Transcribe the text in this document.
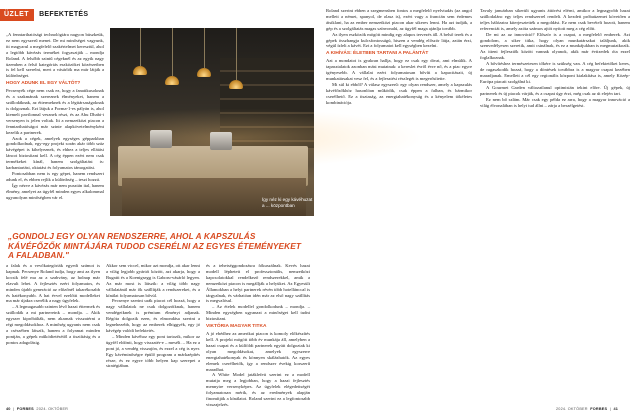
ÜZLET	BEFEKTETÉS

„A fenntarthatósági technológiára nagyon büszkeük, ez nem egyszerű menet. De mi minőséget vagyunk, itt magyarul a megfelelő szakértelmet keresztül, ahol a legtöbb kávézás terméket fogyasztják – mondja Roland. A felsőbb szintű cégeknél és az egyik nagy üzemben a felső kategóriás eszközöket közérzetben is fel kell szerelni, mert a vásárlók ma már látják a különbséget.

HOGY ADUNK EL EGY VÁLTÓT?

Pecsenyék cége nem csak ez, hogy a fanatikusoknak és a szakmának szereznek élményeket, hanem a szállodáknak, az éttermeknek és a légitársaságoknak is dolgoznak. Ezt látjuk a Forma-1-es pályán is, ahol kiemelt pavilonnal vesznek részt, és az Abu Dhabi-i versenyen is jelen voltak. Itt a nemzetközi piacon a fenntarthatóságot már szinte alapkövetelményként kezelik a partnerek.

Azok a cégek, amelyek egységes gépparkban gondolkodnak, egy-egy projekt során akár több száz kávégépet is kihelyeznek, és ehhez a teljes ellátási láncot biztosítani kell. A cég éppen ezért nem csak termékeket kínál, hanem szolgáltatást is: karbantartást, oktatást és folyamatos támogatást.

Pontosabban nem is egy gépet, hanem rendszert adunk el, és ebben rejlik a különbség – teszi hozzá.

Így nézve a kávézás már nem pusztán ital, hanem élmény, amelyet az ügyfél minden egyes alkalommal ugyanolyan minőségben vár el.	Így néz ki egy kávéhuzat
a ... központban
„GONDOLJ EGY OLYAN RENDSZERRE, AHOL A KAPSZULÁS KÁVÉFŐZŐK MINTÁJÁRA TUDOD CSERÉLNI AZ EGYES ÉTEMÉNYEKET A FALADBAN."

a falak és a vevőkategóriák egyedi számot is kapnak. Pecsenye Roland tudja, hogy ami az ilyen kocsik felé ma az a szabvány, az holnap már elavult lehet. A fejlesztés ezért folyamatos, és minden újabb generáció az előzőnél takarékosabb és hatékonyabb. A hat évvel ezelőtti modelleket ma már újakra cserélik a nagy ügyfelek.

– A legmagasabb szinten lévő hazai éttermek és szállodák a mi partnereink – mondja. – Akik egyszer kipróbálták, nem akarnak visszatérni a régi megoldásokhoz. A minőség ugyanis nem csak a csészében látszik, hanem a folyamat minden pontján, a gépek működtetésétől a tisztításig és a pontos adagolásig.

Akkor sem viccel, mikor azt mondja, ott akar lenni a világ legjobb gyártói között, azt akarja, hogy a Bugatti és a Koenigsegg is Gaboru-vásárló legyen. Az már most is látszik: a világ több nagy vállalatánál már ők szállítják a rendszereket, és a kínálat folyamatosan bővül.

Pecsenye szerint urák piacot cél hozzá, hogy a nagy vállalatok ne csak dolgozóiknak, hanem vendégeiknek is prémium élményt adjanak. Régóta dolgozik ezen, és elmondása szerint a legnehezebb, hogy az emberek elhiggyék, egy jó kávégép valódi befektetés.

– Minden kávéhoz egy pont tartozik, mikor az ügyfél eldönti, hogy visszatér-e – meséli. – Ha ez a pont jó, a vendég visszajön, és ezzel a cég is nyer. Egy kávéminőségre épülő program a márkaépítés része, és ez egyre több helyen kap szerepet a stratégiában.

és a tehetséggondozásra fókuszálnak. Kevés hazai modell léphetett el professzionális, nemzetközi kapcsolatokkal rendelkező rendszerekkel, amik a nemzetközi piacon is megállják a helyüket. Az Egyesült Államokban a helyi partnerek révén több hotellánccal is tárgyalnak, és várhatóan idén már az első nagy szállítás is megvalósul.

– Az ételek modellel gondolkodunk – mondja. – Minden egységben ugyanazt a minőséget kell tudni biztosítani.

VIKTÓRIA MAGYAR TITKA

A jó ebédhez az amerikai piacon is komoly előkészítés kell. A projekt mögött több év munkája áll, amelyben a hazai csapat és a külföldi partnerek együtt dolgoztak ki olyan megoldásokat, amelyek egyszerre energiahatékonyak és könnyen skálázhatók. Az egyes elemek cserélhetők, így a rendszer évekig korszerű maradhat.

A White Model jatáklefeti szerint ez a modell mutatja meg a legjobban, hogy a hazai fejlesztés mennyire versenyképes. Az ügyfelek elégedettségét folyamatosan mérik, és az eredmények alapján finomítják a kínálatot. Roland szerint ez a legfontosabb visszajelzés.

Roland szerint ebben a szegmensben fontos a megfelelő nyelvtudás (az angol mellett a német, spanyol, de olasz is), ezért vagy a francián sem érdemes átsiklani, ha az ember nemzetközi piacon akar sikeres lenni. Ha azt tudják, a gép és a szolgáltatás magas színvonalú, az ügyfél maga ajánlja tovább.

Az ilyen eszközök mögött mindig egy alapos tervezés áll. A belső terek és a gépek összhangja kulcsfontosságú, hiszen a vendég először látja, aztán érzi, végül ízleli a kávét. Ezt a folyamatot kell egységben kezelni.

A KIHÍVÁS: ÉLETBEN TARTANI A PALÁNTÁT

Azt a mondatot is gyakran hallja, hogy ez csak egy divat, ami elmúlik. A tapasztalatok azonban mást mutatnak: a kereslet évről évre nő, és a piac egyre igényesebb. A vállalat ezért folyamatosan bővíti a kapacitásait, új munkatársakat vesz fel, és a fejlesztési részlegét is megerősítette.

Mi sül ki ebből? A válasz egyszerű: egy olyan rendszer, amely a kapszulás kávéfőzőkhöz hasonlóan működik, csak éppen a falban, és bármikor cserélhető. Ez a tisztaság, az energiahatékonyság és a kényelem tökéletes kombinációja.

Tavaly januárban sikerült ugyanis áttörést elérni, amikor a legnagyobb hazai szállodalánc egy teljes rendszerrel rendelt. A kezdeti próbaüzemet követően a teljes hálózatra kiterjesztették a megoldást. Ez nem csak bevételt hozott, hanem referenciát is, amely azóta számos ajtót nyitott meg a cég előtt.

De mi az az innováció? Először is a csapat, a megfelelő emberek. Azt gondolom, a siker titka, hogy olyan munkatársakat találjunk, akik szenvedélyesen szeretik, amit csinálnak, és ez a munkájukban is megmutatkozik. Az itteni fejlesztők között vannak olyanok, akik már évtizedek óta ezzel foglalkoznak.

A bővítéshez természetesen tőkére is szükség van. A cég befektetőket keres, de ragaszkodik hozzá, hogy a döntések továbbra is a magyar csapat kezében maradjanak. Emellett a cél egy regionális központ kialakítása is, amely Közép-Európa piacait szolgálná ki.

A Gourmet Garden változatlanul optimistán tekint előre. Új gépek, új partnerek és új piacok várják, és a csapat úgy érzi, még csak az út elején tart.

Ez nem bő szlám. Már csak egy példa ez arra, hogy a magyar innováció a világ élvonalában is helyt tud állni – zárja a beszélgetést.

40  |  FORBES 2024. OKTÓBER	2024. OKTÓBER FORBES  |  41
